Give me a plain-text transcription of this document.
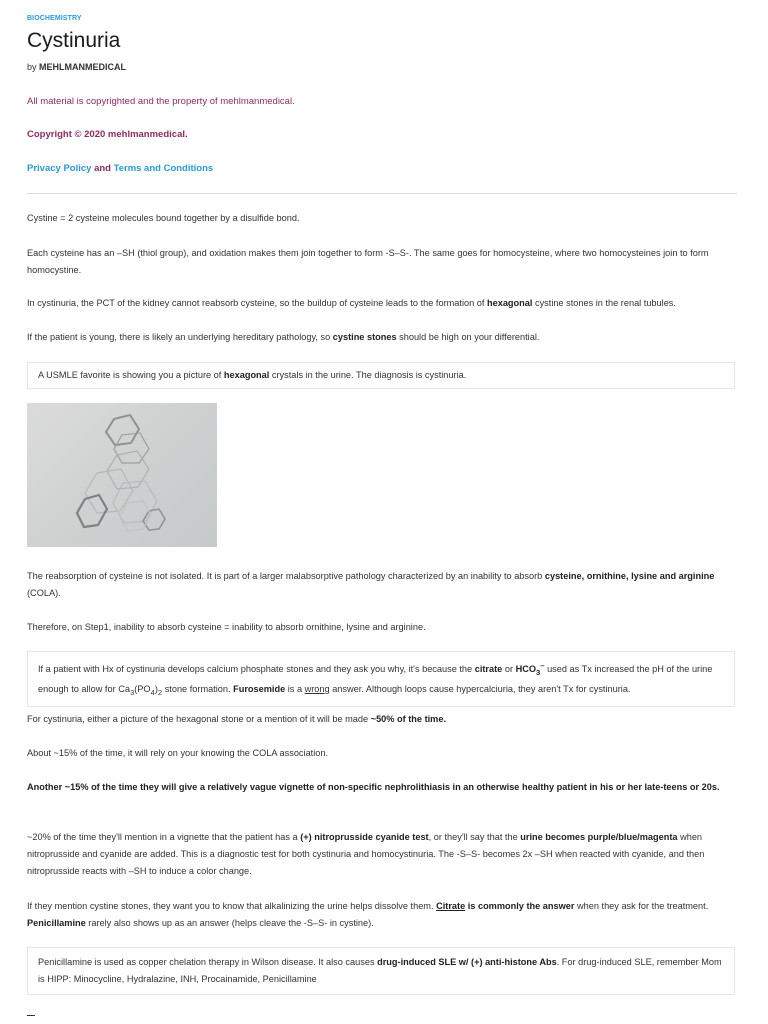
BIOCHEMISTRY
Cystinuria
by MEHLMANMEDICAL
All material is copyrighted and the property of mehlmanmedical.
Copyright © 2020 mehlmanmedical.
Privacy Policy and Terms and Conditions

Cystine = 2 cysteine molecules bound together by a disulfide bond.

Each cysteine has an –SH (thiol group), and oxidation makes them join together to form -S–S-. The same goes for homocysteine, where two homocysteines join to form homocystine.

In cystinuria, the PCT of the kidney cannot reabsorb cysteine, so the buildup of cysteine leads to the formation of hexagonal cystine stones in the renal tubules.

If the patient is young, there is likely an underlying hereditary pathology, so cystine stones should be high on your differential.

A USMLE favorite is showing you a picture of hexagonal crystals in the urine. The diagnosis is cystinuria.

The reabsorption of cysteine is not isolated. It is part of a larger malabsorptive pathology characterized by an inability to absorb cysteine, ornithine, lysine and arginine (COLA).

Therefore, on Step1, inability to absorb cysteine = inability to absorb ornithine, lysine and arginine.

If a patient with Hx of cystinuria develops calcium phosphate stones and they ask you why, it's because the citrate or $HCO_3^-$ used as Tx increased the pH of the urine enough to allow for $Ca_3(PO_4)_2$ stone formation. Furosemide is a wrong answer. Although loops cause hypercalciuria, they aren't Tx for cystinuria.

For cystinuria, either a picture of the hexagonal stone or a mention of it will be made ~50% of the time.

About ~15% of the time, it will rely on your knowing the COLA association.

Another ~15% of the time they will give a relatively vague vignette of non-specific nephrolithiasis in an otherwise healthy patient in his or her late-teens or 20s.

~20% of the time they'll mention in a vignette that the patient has a (+) nitroprusside cyanide test, or they'll say that the urine becomes purple/blue/magenta when nitroprusside and cyanide are added. This is a diagnostic test for both cystinuria and homocystinuria. The -S–S- becomes 2x –SH when reacted with cyanide, and then nitroprusside reacts with –SH to induce a color change.

If they mention cystine stones, they want you to know that alkalinizing the urine helps dissolve them. Citrate is commonly the answer when they ask for the treatment. Penicillamine rarely also shows up as an answer (helps cleave the -S–S- in cystine).

Penicillamine is used as copper chelation therapy in Wilson disease. It also causes drug-induced SLE w/ (+) anti-histone Abs. For drug-induced SLE, remember Mom is HIPP: Minocycline, Hydralazine, INH, Procainamide, Penicillamine
